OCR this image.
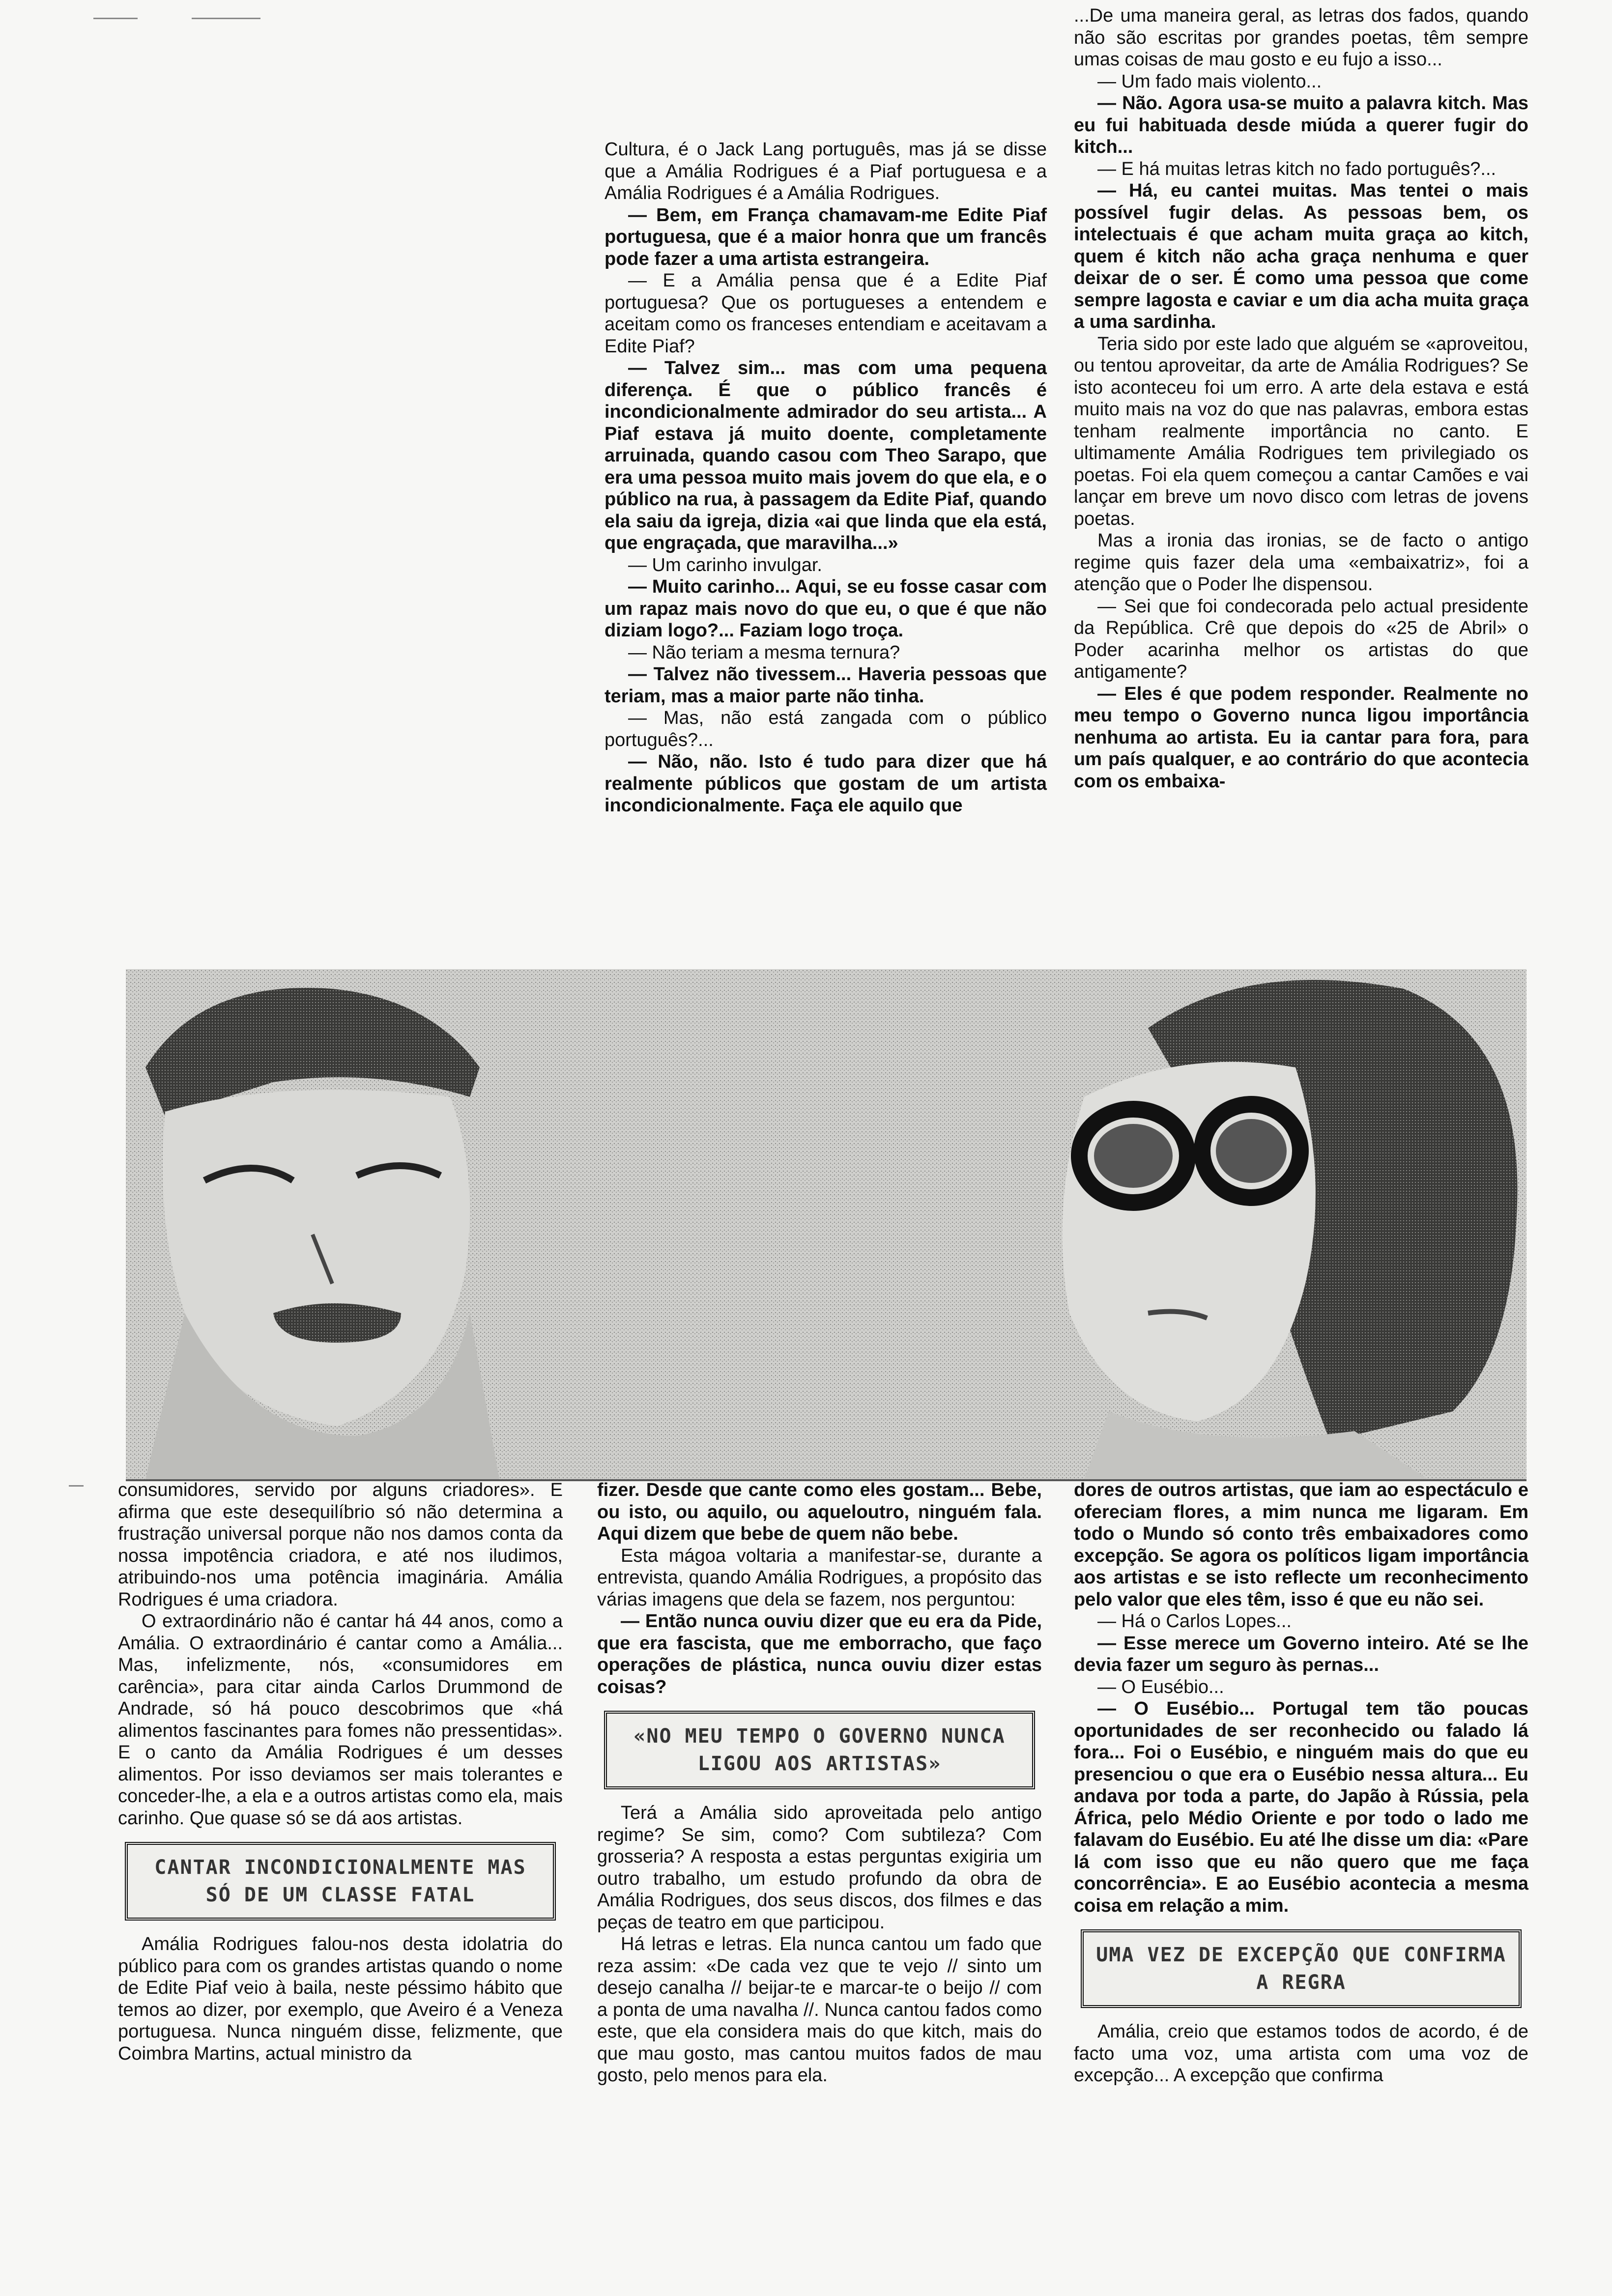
Cultura, é o Jack Lang português, mas já se disse que a Amália Rodrigues é a Piaf portuguesa e a Amália Rodrigues é a Amália Rodrigues.

— Bem, em França chamavam-me Edite Piaf portuguesa, que é a maior honra que um francês pode fazer a uma artista estrangeira.

— E a Amália pensa que é a Edite Piaf portuguesa? Que os portugueses a entendem e aceitam como os franceses entendiam e aceitavam a Edite Piaf?

— Talvez sim... mas com uma pequena diferença. É que o público francês é incondicionalmente admirador do seu artista... A Piaf estava já muito doente, completamente arruinada, quando casou com Theo Sarapo, que era uma pessoa muito mais jovem do que ela, e o público na rua, à passagem da Edite Piaf, quando ela saiu da igreja, dizia «ai que linda que ela está, que engraçada, que maravilha...»

— Um carinho invulgar.

— Muito carinho... Aqui, se eu fosse casar com um rapaz mais novo do que eu, o que é que não diziam logo?... Faziam logo troça.

— Não teriam a mesma ternura?

— Talvez não tivessem... Haveria pessoas que teriam, mas a maior parte não tinha.

— Mas, não está zangada com o público português?...

— Não, não. Isto é tudo para dizer que há realmente públicos que gostam de um artista incondicionalmente. Faça ele aquilo que

...De uma maneira geral, as letras dos fados, quando não são escritas por grandes poetas, têm sempre umas coisas de mau gosto e eu fujo a isso...

— Um fado mais violento...

— Não. Agora usa-se muito a palavra kitch. Mas eu fui habituada desde miúda a querer fugir do kitch...

— E há muitas letras kitch no fado português?...

— Há, eu cantei muitas. Mas tentei o mais possível fugir delas. As pessoas bem, os intelectuais é que acham muita graça ao kitch, quem é kitch não acha graça nenhuma e quer deixar de o ser. É como uma pessoa que come sempre lagosta e caviar e um dia acha muita graça a uma sardinha.

Teria sido por este lado que alguém se «aproveitou, ou tentou aproveitar, da arte de Amália Rodrigues? Se isto aconteceu foi um erro. A arte dela estava e está muito mais na voz do que nas palavras, embora estas tenham realmente importância no canto. E ultimamente Amália Rodrigues tem privilegiado os poetas. Foi ela quem começou a cantar Camões e vai lançar em breve um novo disco com letras de jovens poetas.

Mas a ironia das ironias, se de facto o antigo regime quis fazer dela uma «embaixatriz», foi a atenção que o Poder lhe dispensou.

— Sei que foi condecorada pelo actual presidente da República. Crê que depois do «25 de Abril» o Poder acarinha melhor os artistas do que antigamente?

— Eles é que podem responder. Realmente no meu tempo o Governo nunca ligou importância nenhuma ao artista. Eu ia cantar para fora, para um país qualquer, e ao contrário do que acontecia com os embaixa-

consumidores, servido por alguns criadores». E afirma que este desequilíbrio só não determina a frustração universal porque não nos damos conta da nossa impotência criadora, e até nos iludimos, atribuindo-nos uma potência imaginária. Amália Rodrigues é uma criadora.

O extraordinário não é cantar há 44 anos, como a Amália. O extraordinário é cantar como a Amália... Mas, infelizmente, nós, «consumidores em carência», para citar ainda Carlos Drummond de Andrade, só há pouco descobrimos que «há alimentos fascinantes para fomes não pressentidas». E o canto da Amália Rodrigues é um desses alimentos. Por isso deviamos ser mais tolerantes e conceder-lhe, a ela e a outros artistas como ela, mais carinho. Que quase só se dá aos artistas.

CANTAR INCONDICIONALMENTE MAS SÓ DE UM CLASSE FATAL

Amália Rodrigues falou-nos desta idolatria do público para com os grandes artistas quando o nome de Edite Piaf veio à baila, neste péssimo hábito que temos ao dizer, por exemplo, que Aveiro é a Veneza portuguesa. Nunca ninguém disse, felizmente, que Coimbra Martins, actual ministro da

fizer. Desde que cante como eles gostam... Bebe, ou isto, ou aquilo, ou aqueloutro, ninguém fala. Aqui dizem que bebe de quem não bebe.

Esta mágoa voltaria a manifestar-se, durante a entrevista, quando Amália Rodrigues, a propósito das várias imagens que dela se fazem, nos perguntou:

— Então nunca ouviu dizer que eu era da Pide, que era fascista, que me emborracho, que faço operações de plástica, nunca ouviu dizer estas coisas?

«NO MEU TEMPO O GOVERNO NUNCA LIGOU AOS ARTISTAS»

Terá a Amália sido aproveitada pelo antigo regime? Se sim, como? Com subtileza? Com grosseria? A resposta a estas perguntas exigiria um outro trabalho, um estudo profundo da obra de Amália Rodrigues, dos seus discos, dos filmes e das peças de teatro em que participou.

Há letras e letras. Ela nunca cantou um fado que reza assim: «De cada vez que te vejo // sinto um desejo canalha // beijar-te e marcar-te o beijo // com a ponta de uma navalha //. Nunca cantou fados como este, que ela considera mais do que kitch, mais do que mau gosto, mas cantou muitos fados de mau gosto, pelo menos para ela.

dores de outros artistas, que iam ao espectáculo e ofereciam flores, a mim nunca me ligaram. Em todo o Mundo só conto três embaixadores como excepção. Se agora os políticos ligam importância aos artistas e se isto reflecte um reconhecimento pelo valor que eles têm, isso é que eu não sei.

— Há o Carlos Lopes...

— Esse merece um Governo inteiro. Até se lhe devia fazer um seguro às pernas...

— O Eusébio...

— O Eusébio... Portugal tem tão poucas oportunidades de ser reconhecido ou falado lá fora... Foi o Eusébio, e ninguém mais do que eu presenciou o que era o Eusébio nessa altura... Eu andava por toda a parte, do Japão à Rússia, pela África, pelo Médio Oriente e por todo o lado me falavam do Eusébio. Eu até lhe disse um dia: «Pare lá com isso que eu não quero que me faça concorrência». E ao Eusébio acontecia a mesma coisa em relação a mim.

UMA VEZ DE EXCEPÇÃO QUE CONFIRMA A REGRA

Amália, creio que estamos todos de acordo, é de facto uma voz, uma artista com uma voz de excepção... A excepção que confirma
